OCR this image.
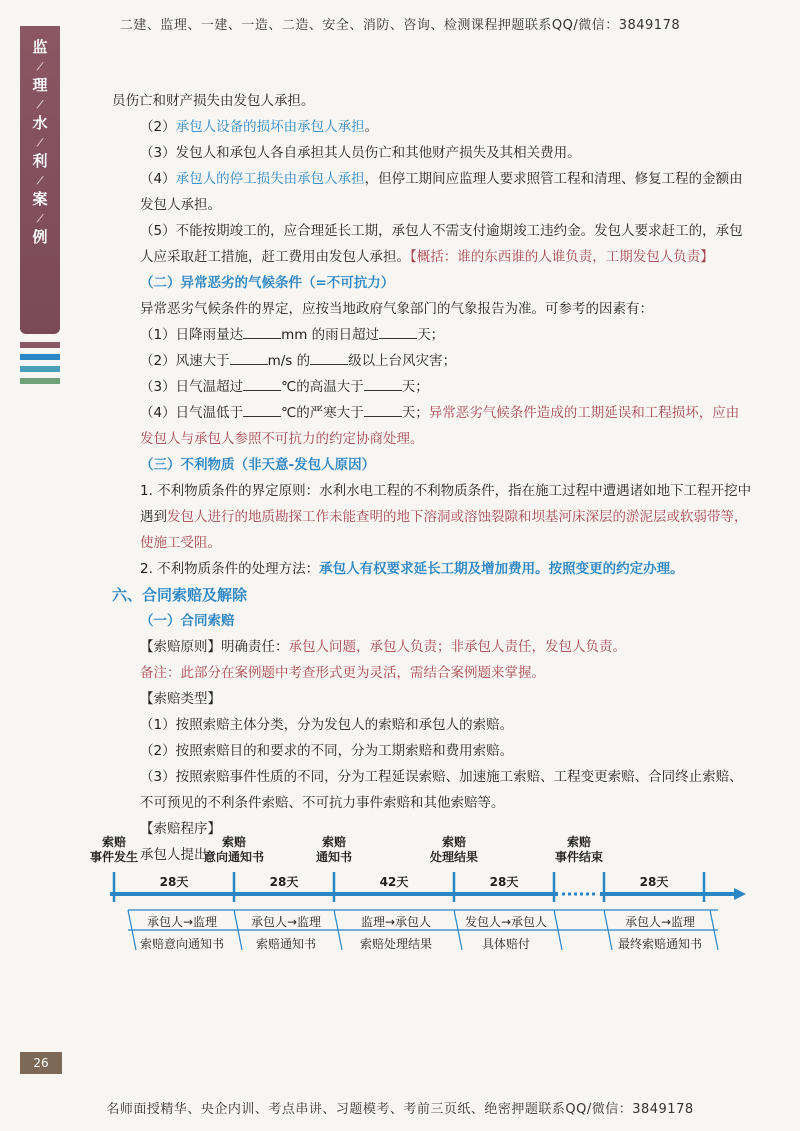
二建、监理、一建、一造、二造、安全、消防、咨询、检测课程押题联系QQ/微信：3849178
监
/
理
/
水
/
利
/
案
/
例

员伤亡和财产损失由发包人承担。

（2）承包人设备的损坏由承包人承担。

（3）发包人和承包人各自承担其人员伤亡和其他财产损失及其相关费用。

（4）承包人的停工损失由承包人承担，但停工期间应监理人要求照管工程和清理、修复工程的金额由发包人承担。

（5）不能按期竣工的，应合理延长工期，承包人不需支付逾期竣工违约金。发包人要求赶工的，承包人应采取赶工措施，赶工费用由发包人承担。【概括：谁的东西谁的人谁负责，工期发包人负责】

（二）异常恶劣的气候条件（=不可抗力）

异常恶劣气候条件的界定，应按当地政府气象部门的气象报告为准。可参考的因素有：

（1）日降雨量达	mm 的雨日超过	天；

（2）风速大于	m/s 的	级以上台风灾害；

（3）日气温超过	℃的高温大于	天；

（4）日气温低于	℃的严寒大于	天；异常恶劣气候条件造成的工期延误和工程损坏，应由发包人与承包人参照不可抗力的约定协商处理。

（三）不利物质（非天意-发包人原因）

1. 不利物质条件的界定原则：水利水电工程的不利物质条件，指在施工过程中遭遇诸如地下工程开挖中遇到发包人进行的地质勘探工作未能查明的地下溶洞或溶蚀裂隙和坝基河床深层的淤泥层或软弱带等，使施工受阻。

2. 不利物质条件的处理方法：承包人有权要求延长工期及增加费用。按照变更的约定办理。

六、合同索赔及解除

（一）合同索赔

【索赔原则】明确责任：承包人问题，承包人负责；非承包人责任，发包人负责。

备注：此部分在案例题中考查形式更为灵活，需结合案例题来掌握。

【索赔类型】

（1）按照索赔主体分类，分为发包人的索赔和承包人的索赔。

（2）按照索赔目的和要求的不同，分为工期索赔和费用索赔。

（3）按照索赔事件性质的不同，分为工程延误索赔、加速施工索赔、工程变更索赔、合同终止索赔、不可预见的不利条件索赔、不可抗力事件索赔和其他索赔等。

【索赔程序】

承包人提出

索赔
事件发生
索赔
意向通知书
索赔
通知书
索赔
处理结果
索赔
事件结束
28天	28天	42天	28天	28天
承包人→监理
索赔意向通知书
承包人→监理
索赔通知书
监理→承包人
索赔处理结果
发包人→承包人
具体赔付
承包人→监理
最终索赔通知书
26
名师面授精华、央企内训、考点串讲、习题模考、考前三页纸、绝密押题联系QQ/微信：3849178
